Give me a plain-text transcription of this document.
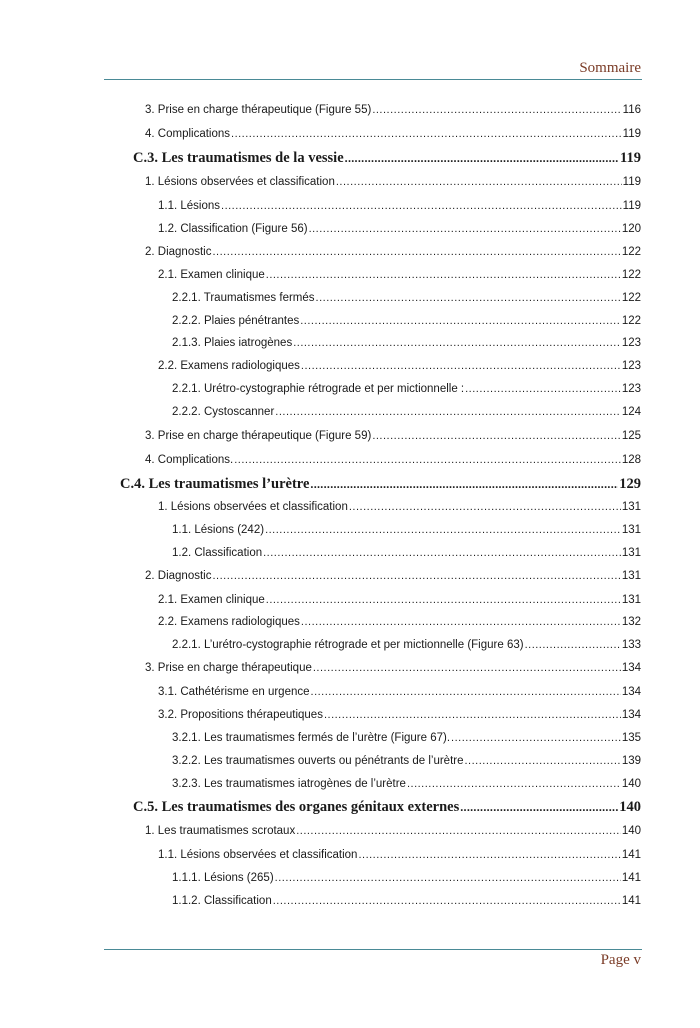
Sommaire
3. Prise en charge thérapeutique (Figure 55) .....	116
4. Complications .....	119
C.3. Les traumatismes de la vessie .....	119
1. Lésions observées et classification .....	119
1.1. Lésions .....	119
1.2. Classification (Figure 56) .....	120
2. Diagnostic .....	122
2.1. Examen clinique .....	122
2.2.1. Traumatismes fermés .....	122
2.2.2. Plaies pénétrantes .....	122
2.1.3. Plaies iatrogènes .....	123
2.2. Examens radiologiques .....	123
2.2.1. Urétro-cystographie rétrograde et per mictionnelle : .....	123
2.2.2. Cystoscanner .....	124
3. Prise en charge thérapeutique (Figure 59) .....	125
4. Complications. .....	128
C.4. Les traumatismes l’urètre .....	129
1. Lésions observées et classification .....	131
1.1. Lésions (242) .....	131
1.2. Classification .....	131
2. Diagnostic .....	131
2.1. Examen clinique .....	131
2.2. Examens radiologiques .....	132
2.2.1. L’urétro-cystographie rétrograde et per mictionnelle (Figure 63) .....	133
3. Prise en charge thérapeutique .....	134
3.1. Cathétérisme en urgence .....	134
3.2. Propositions thérapeutiques .....	134
3.2.1. Les traumatismes fermés de l’urètre (Figure 67). .....	135
3.2.2. Les traumatismes ouverts ou pénétrants de l’urètre .....	139
3.2.3. Les traumatismes iatrogènes de l’urètre .....	140
C.5. Les traumatismes des organes génitaux externes .....	140
1. Les traumatismes scrotaux .....	140
1.1. Lésions observées et classification .....	141
1.1.1. Lésions (265) .....	141
1.1.2. Classification .....	141
Page v
